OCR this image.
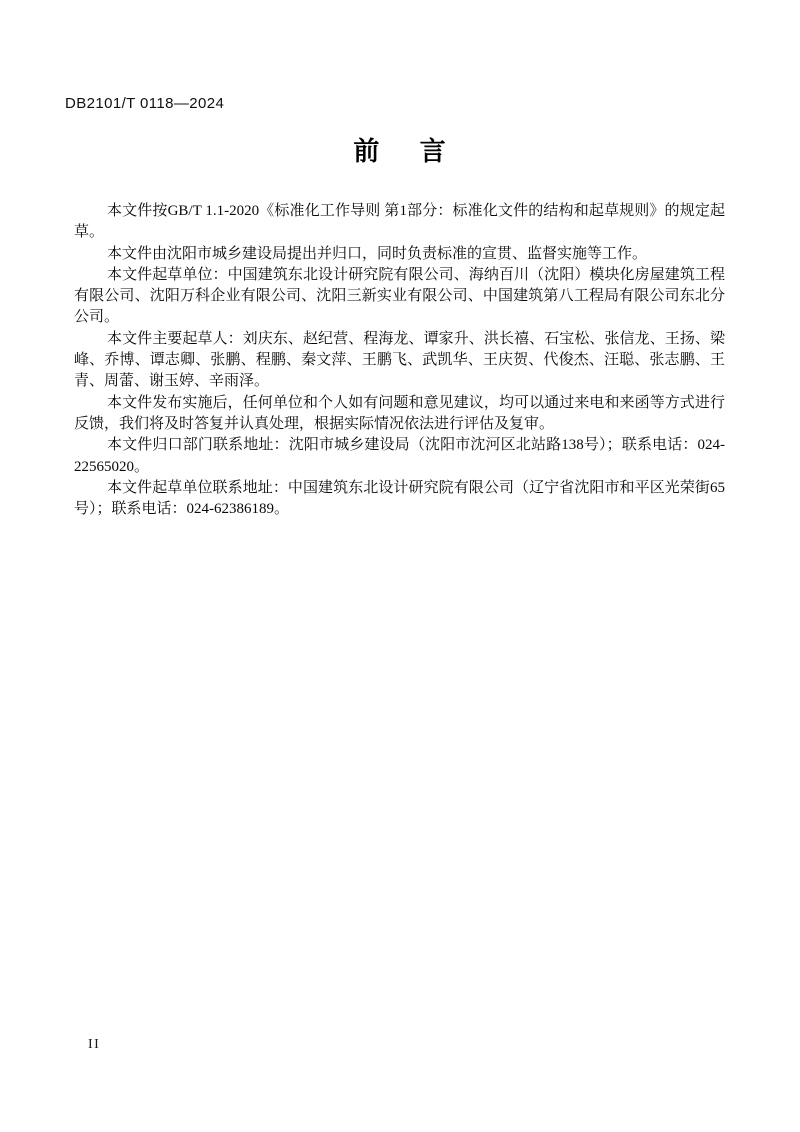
DB2101/T 0118—2024
前言

本文件按GB/T 1.1-2020《标准化工作导则 第1部分：标准化文件的结构和起草规则》的规定起草。

本文件由沈阳市城乡建设局提出并归口，同时负责标准的宣贯、监督实施等工作。

本文件起草单位：中国建筑东北设计研究院有限公司、海纳百川（沈阳）模块化房屋建筑工程有限公司、沈阳万科企业有限公司、沈阳三新实业有限公司、中国建筑第八工程局有限公司东北分公司。

本文件主要起草人：刘庆东、赵纪营、程海龙、谭家升、洪长禧、石宝松、张信龙、王扬、梁峰、乔博、谭志卿、张鹏、程鹏、秦文萍、王鹏飞、武凯华、王庆贺、代俊杰、汪聪、张志鹏、王青、周蕾、谢玉婷、辛雨泽。

本文件发布实施后，任何单位和个人如有问题和意见建议，均可以通过来电和来函等方式进行反馈，我们将及时答复并认真处理，根据实际情况依法进行评估及复审。

本文件归口部门联系地址：沈阳市城乡建设局（沈阳市沈河区北站路138号）；联系电话：024-22565020。

本文件起草单位联系地址：中国建筑东北设计研究院有限公司（辽宁省沈阳市和平区光荣街65号）；联系电话：024-62386189。

II
